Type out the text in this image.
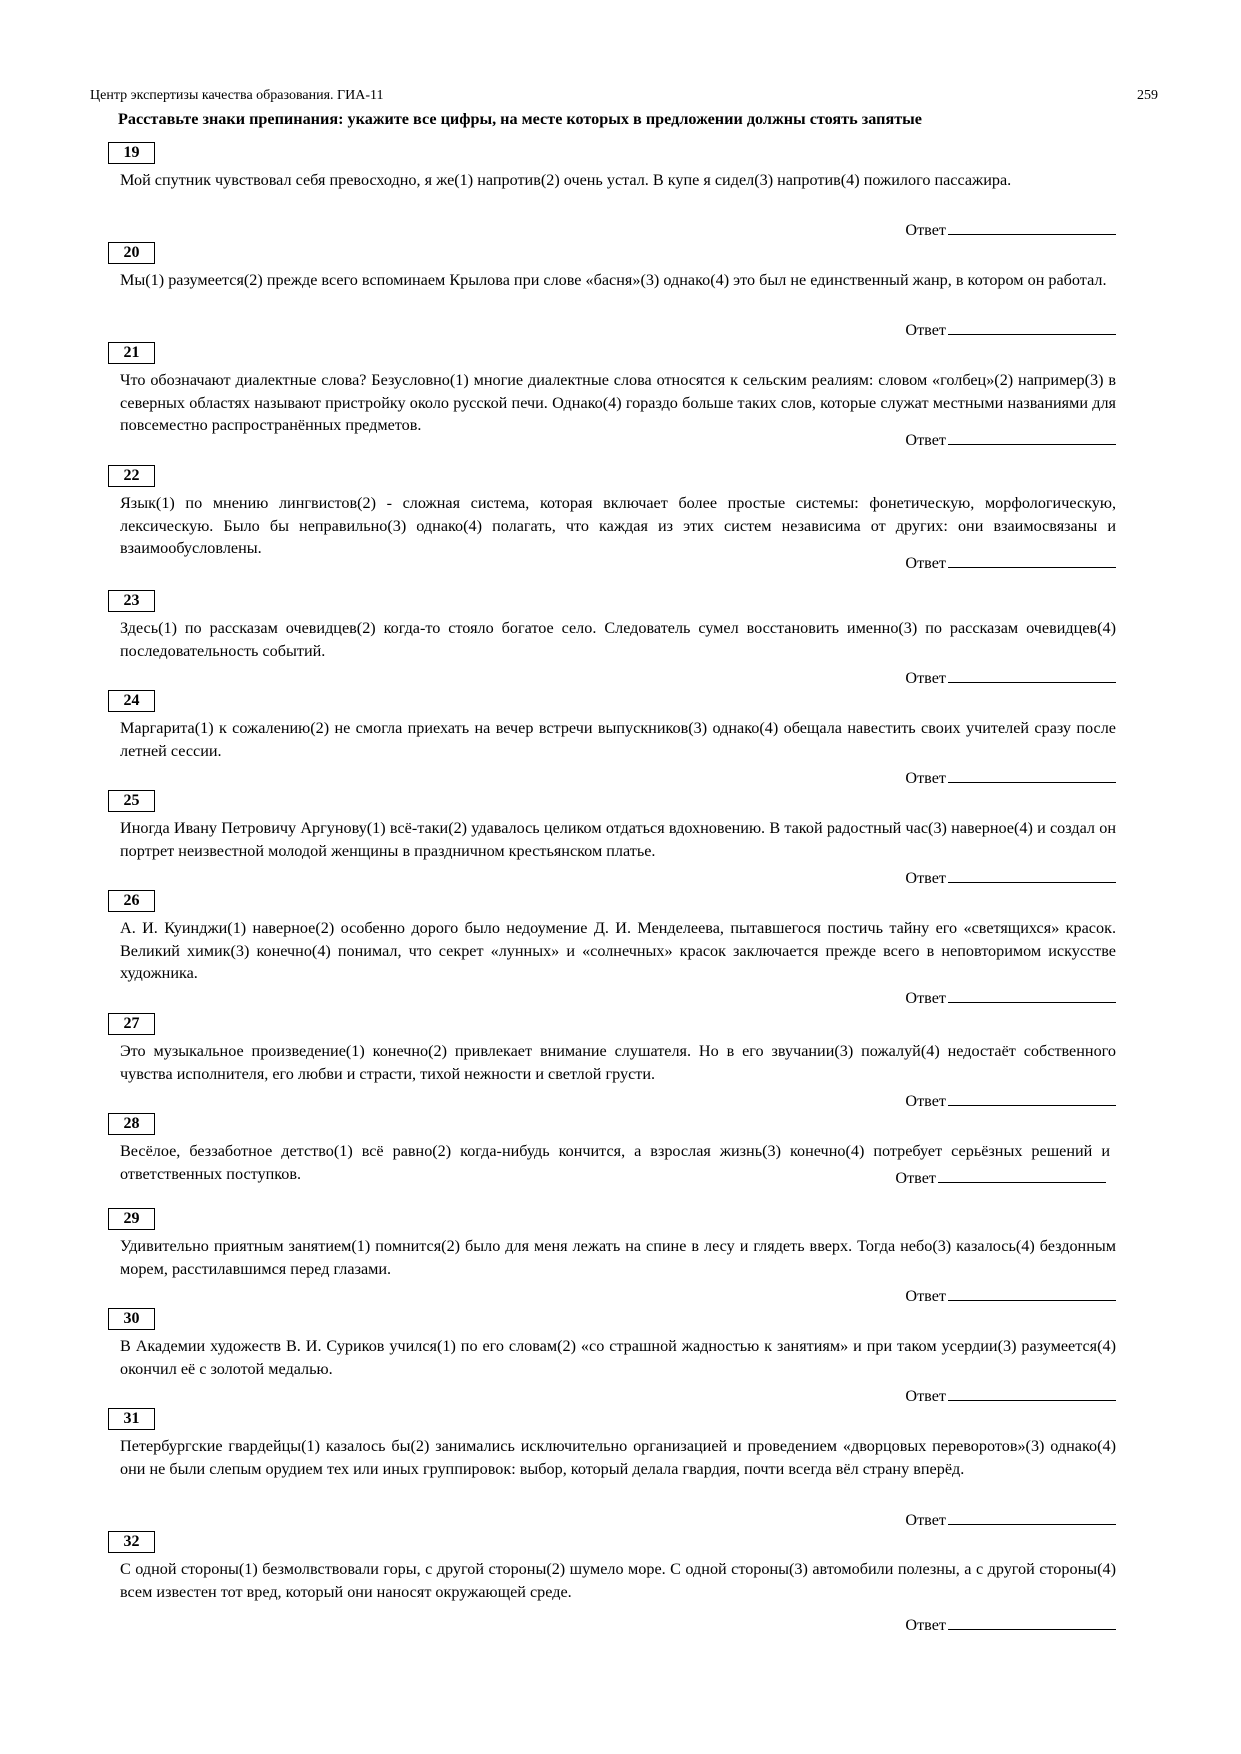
Центр экспертизы качества образования. ГИА-11	259
Расставьте знаки препинания: укажите все цифры, на месте которых в предложении должны стоять запятые
19
Мой спутник чувствовал себя превосходно, я же(1) напротив(2) очень устал. В купе я сидел(3) напротив(4) пожилого пассажира.
Ответ
20
Мы(1) разумеется(2) прежде всего вспоминаем Крылова при слове «басня»(3) однако(4) это был не единственный жанр, в котором он работал.
Ответ
21
Что обозначают диалектные слова? Безусловно(1) многие диалектные слова относятся к сельским реалиям: словом «голбец»(2) например(3) в северных областях называют пристройку около русской печи. Однако(4) гораздо больше таких слов, которые служат местными названиями для повсеместно распространённых предметов.
Ответ
22
Язык(1) по мнению лингвистов(2) - сложная система, которая включает более простые системы: фонетическую, морфологическую, лексическую. Было бы неправильно(3) однако(4) полагать, что каждая из этих систем независима от других: они взаимосвязаны и взаимообусловлены.
Ответ
23
Здесь(1) по рассказам очевидцев(2) когда-то стояло богатое село. Следователь сумел восстановить именно(3) по рассказам очевидцев(4) последовательность событий.
Ответ
24
Маргарита(1) к сожалению(2) не смогла приехать на вечер встречи выпускников(3) однако(4) обещала навестить своих учителей сразу после летней сессии.
Ответ
25
Иногда Ивану Петровичу Аргунову(1) всё-таки(2) удавалось целиком отдаться вдохновению. В такой радостный час(3) наверное(4) и создал он портрет неизвестной молодой женщины в праздничном крестьянском платье.
Ответ
26
А. И. Куинджи(1) наверное(2) особенно дорого было недоумение Д. И. Менделеева, пытавшегося постичь тайну его «светящихся» красок. Великий химик(3) конечно(4) понимал, что секрет «лунных» и «солнечных» красок заключается прежде всего в неповторимом искусстве художника.
Ответ
27
Это музыкальное произведение(1) конечно(2) привлекает внимание слушателя. Но в его звучании(3) пожалуй(4) недостаёт собственного чувства исполнителя, его любви и страсти, тихой нежности и светлой грусти.
Ответ
28
Весёлое, беззаботное детство(1) всё равно(2) когда-нибудь кончится, а взрослая жизнь(3) конечно(4) потребует серьёзных решений и ответственных поступков.	Ответ
29
Удивительно приятным занятием(1) помнится(2) было для меня лежать на спине в лесу и глядеть вверх. Тогда небо(3) казалось(4) бездонным морем, расстилавшимся перед глазами.
Ответ
30
В Академии художеств В. И. Суриков учился(1) по его словам(2) «со страшной жадностью к занятиям» и при таком усердии(3) разумеется(4) окончил её с золотой медалью.
Ответ
31
Петербургские гвардейцы(1) казалось бы(2) занимались исключительно организацией и проведением «дворцовых переворотов»(3) однако(4) они не были слепым орудием тех или иных группировок: выбор, который делала гвардия, почти всегда вёл страну вперёд.
Ответ
32
С одной стороны(1) безмолвствовали горы, с другой стороны(2) шумело море. С одной стороны(3) автомобили полезны, а с другой стороны(4) всем известен тот вред, который они наносят окружающей среде.
Ответ
